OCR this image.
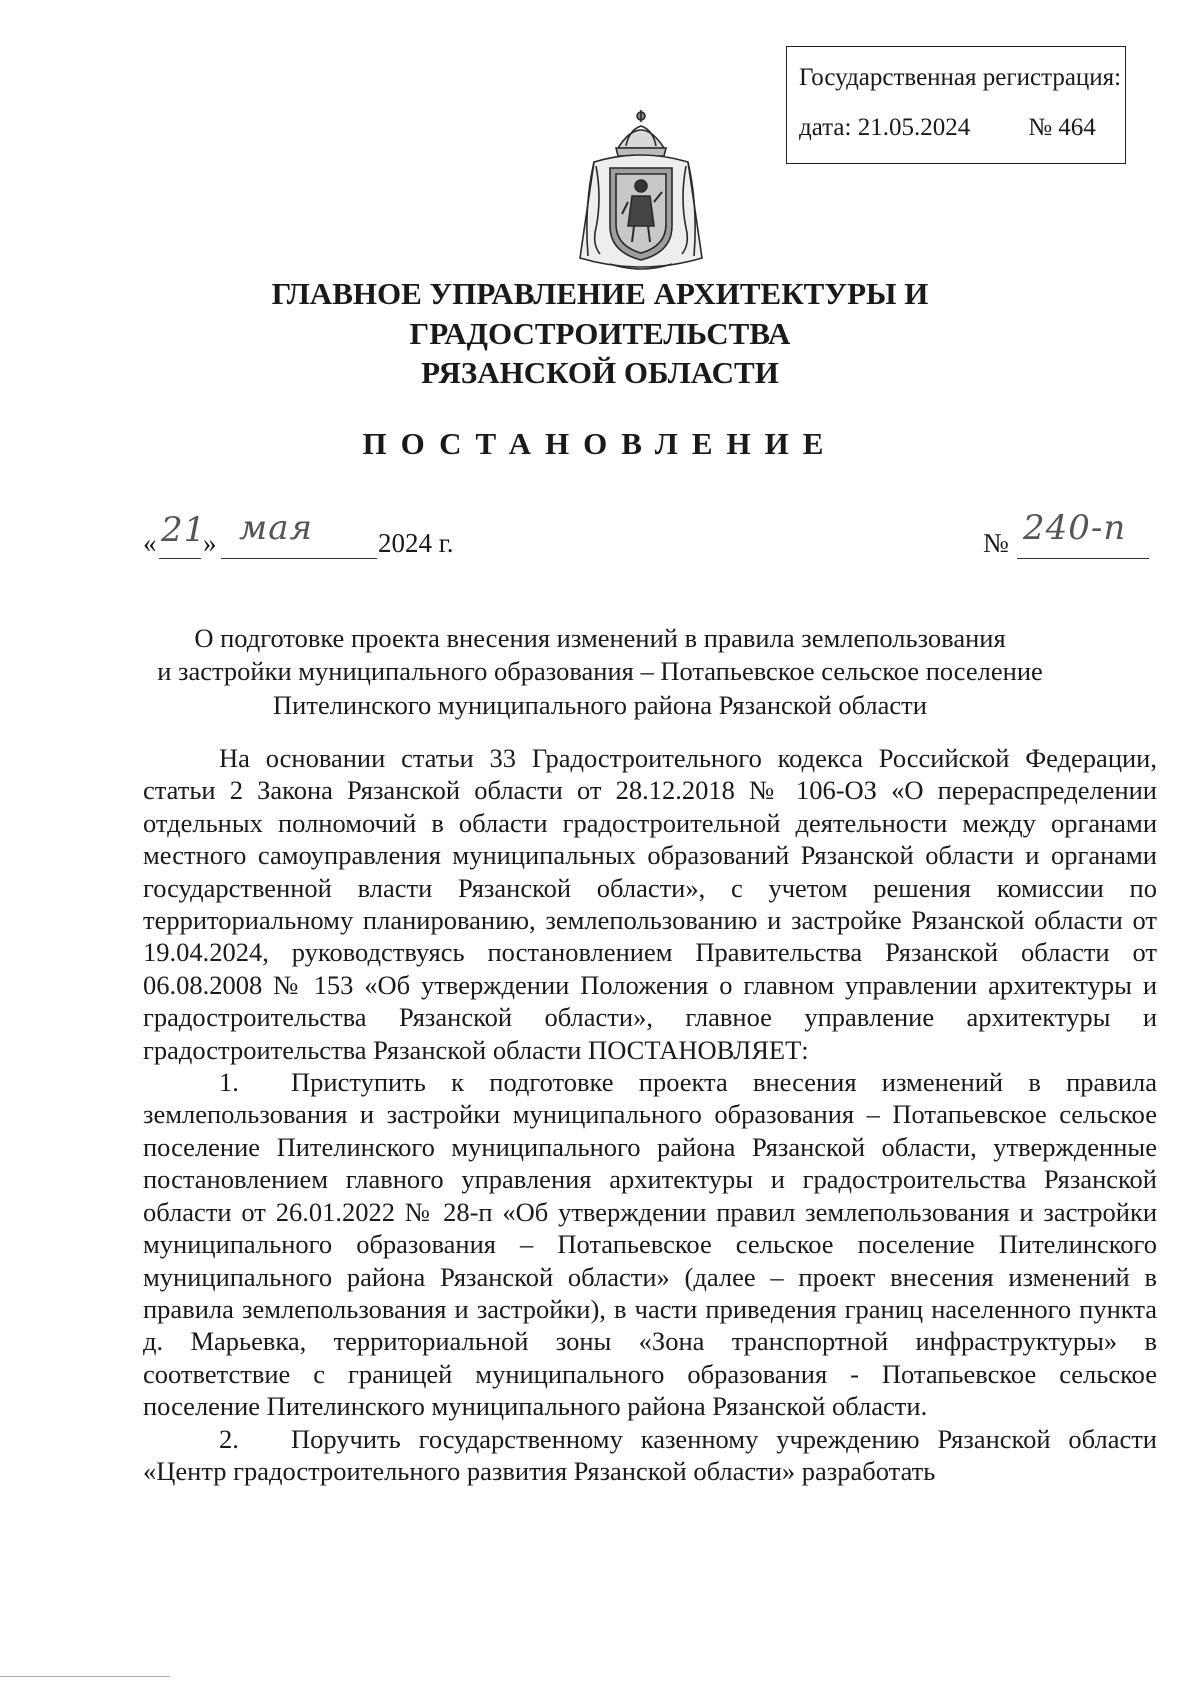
Государственная регистрация:
дата: 21.05.2024 № 464
ГЛАВНОЕ УПРАВЛЕНИЕ АРХИТЕКТУРЫ И ГРАДОСТРОИТЕЛЬСТВА
РЯЗАНСКОЙ ОБЛАСТИ
ПОСТАНОВЛЕНИЕ
« 21
» мая 2024 г.	№ 240-п
О подготовке проекта внесения изменений в правила землепользования
и застройки муниципального образования – Потапьевское сельское поселение
Пителинского муниципального района Рязанской области

На основании статьи 33 Градостроительного кодекса Российской Федерации, статьи 2 Закона Рязанской области от 28.12.2018 № 106-ОЗ «О перераспределении отдельных полномочий в области градостроительной деятельности между органами местного самоуправления муниципальных образований Рязанской области и органами государственной власти Рязанской области», с учетом решения комиссии по территориальному планированию, землепользованию и застройке Рязанской области от 19.04.2024, руководствуясь постановлением Правительства Рязанской области от 06.08.2008 № 153 «Об утверждении Положения о главном управлении архитектуры и градостроительства Рязанской области», главное управление архитектуры и градостроительства Рязанской области ПОСТАНОВЛЯЕТ:

1. Приступить к подготовке проекта внесения изменений в правила землепользования и застройки муниципального образования – Потапьевское сельское поселение Пителинского муниципального района Рязанской области, утвержденные постановлением главного управления архитектуры и градостроительства Рязанской области от 26.01.2022 № 28-п «Об утверждении правил землепользования и застройки муниципального образования – Потапьевское сельское поселение Пителинского муниципального района Рязанской области» (далее – проект внесения изменений в правила землепользования и застройки), в части приведения границ населенного пункта д. Марьевка, территориальной зоны «Зона транспортной инфраструктуры» в соответствие с границей муниципального образования - Потапьевское сельское поселение Пителинского муниципального района Рязанской области.

2. Поручить государственному казенному учреждению Рязанской области «Центр градостроительного развития Рязанской области» разработать
